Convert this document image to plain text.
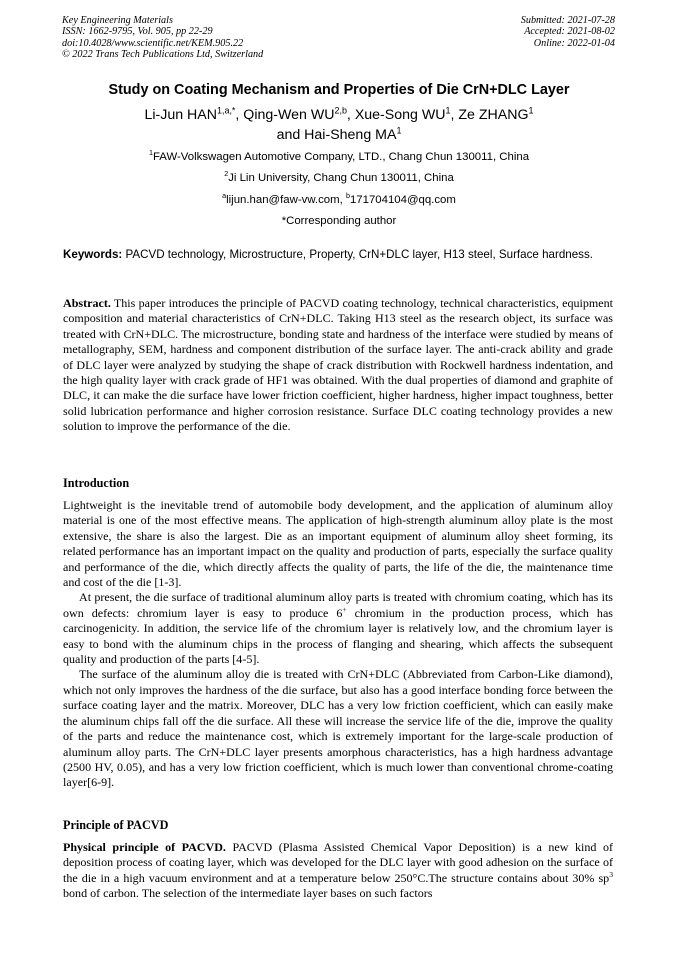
Key Engineering Materials
ISSN: 1662-9795, Vol. 905, pp 22-29
doi:10.4028/www.scientific.net/KEM.905.22
© 2022 Trans Tech Publications Ltd, Switzerland
Submitted: 2021-07-28
Accepted: 2021-08-02
Online: 2022-01-04
Study on Coating Mechanism and Properties of Die CrN+DLC Layer
Li-Jun $HAN^{1,a,*}$, Qing-Wen WU$^{2,b}$, Xue-Song $WU^1$, Ze ZHANG$^1$
and Hai-Sheng $MA^1$
$^1$FAW-Volkswagen Automotive Company, LTD., Chang Chun 130011, China
$^2$Ji Lin University, Chang Chun 130011, China
$^a$lijun.han@faw-vw.com, $^b$171704104@qq.com
*Corresponding author
Keywords: PACVD technology, Microstructure, Property, CrN+DLC layer, H13 steel, Surface hardness.
Abstract. This paper introduces the principle of PACVD coating technology, technical characteristics, equipment composition and material characteristics of CrN+DLC. Taking H13 steel as the research object, its surface was treated with CrN+DLC. The microstructure, bonding state and hardness of the interface were studied by means of metallography, SEM, hardness and component distribution of the surface layer. The anti-crack ability and grade of DLC layer were analyzed by studying the shape of crack distribution with Rockwell hardness indentation, and the high quality layer with crack grade of HF1 was obtained. With the dual properties of diamond and graphite of DLC, it can make the die surface have lower friction coefficient, higher hardness, higher impact toughness, better solid lubrication performance and higher corrosion resistance. Surface DLC coating technology provides a new solution to improve the performance of the die.
Introduction

Lightweight is the inevitable trend of automobile body development, and the application of aluminum alloy material is one of the most effective means. The application of high-strength aluminum alloy plate is the most extensive, the share is also the largest. Die as an important equipment of aluminum alloy sheet forming, its related performance has an important impact on the quality and production of parts, especially the surface quality and performance of the die, which directly affects the quality of parts, the life of the die, the maintenance time and cost of the die [1-3].

At present, the die surface of traditional aluminum alloy parts is treated with chromium coating, which has its own defects: chromium layer is easy to produce 6+ chromium in the production process, which has carcinogenicity. In addition, the service life of the chromium layer is relatively low, and the chromium layer is easy to bond with the aluminum chips in the process of flanging and shearing, which affects the subsequent quality and production of the parts [4-5].

The surface of the aluminum alloy die is treated with CrN+DLC (Abbreviated from Carbon-Like diamond), which not only improves the hardness of the die surface, but also has a good interface bonding force between the surface coating layer and the matrix. Moreover, DLC has a very low friction coefficient, which can easily make the aluminum chips fall off the die surface. All these will increase the service life of the die, improve the quality of the parts and reduce the maintenance cost, which is extremely important for the large-scale production of aluminum alloy parts. The CrN+DLC layer presents amorphous characteristics, has a high hardness advantage (2500 HV, 0.05), and has a very low friction coefficient, which is much lower than conventional chrome-coating layer[6-9].

Principle of PACVD
Physical principle of PACVD. PACVD (Plasma Assisted Chemical Vapor Deposition) is a new kind of deposition process of coating layer, which was developed for the DLC layer with good adhesion on the surface of the die in a high vacuum environment and at a temperature below 250°C.The structure contains about 30% $sp^3$ bond of carbon. The selection of the intermediate layer bases on such factors
